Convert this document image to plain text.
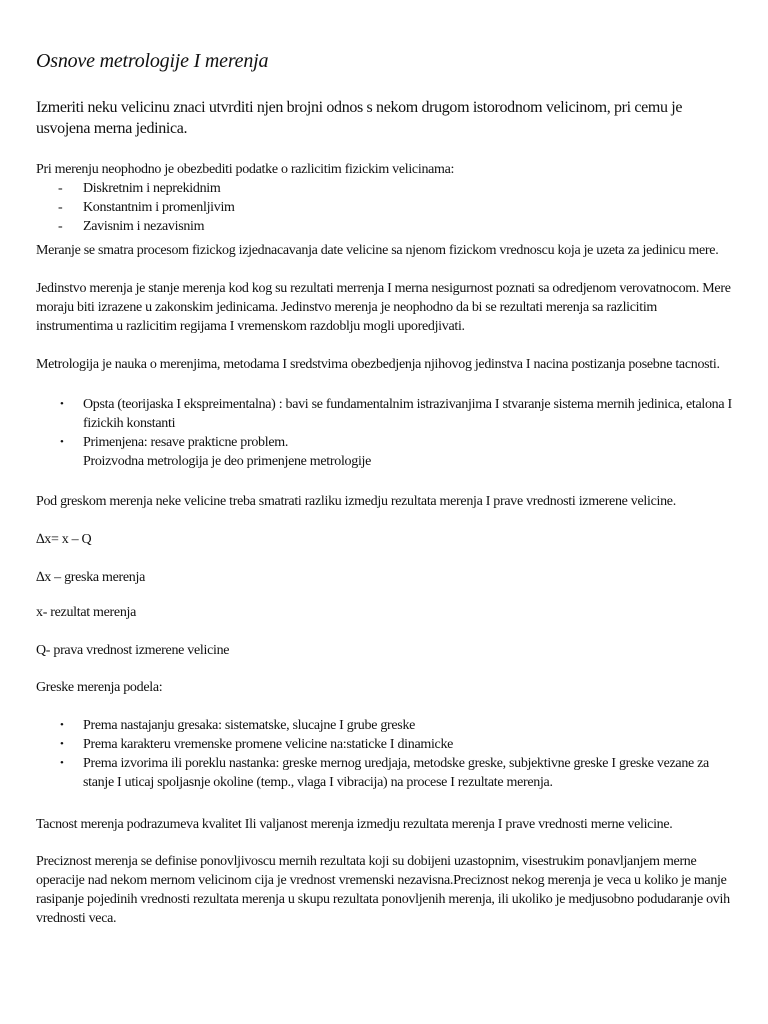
Osnove metrologije I merenja

Izmeriti neku velicinu znaci utvrditi njen brojni odnos s nekom drugom istorodnom velicinom, pri cemu je usvojena merna jedinica.

Pri merenju neophodno je obezbediti podatke o razlicitim fizickim velicinama:

- Diskretnim i neprekidnim
- Konstantnim i promenljivim
- Zavisnim i nezavisnim

Meranje se smatra procesom fizickog izjednacavanja date velicine sa njenom fizickom vrednoscu koja je uzeta za jedinicu mere.

Jedinstvo merenja je stanje merenja kod kog su rezultati merrenja I merna nesigurnost poznati sa odredjenom verovatnocom. Mere moraju biti izrazene u zakonskim jedinicama. Jedinstvo merenja je neophodno da bi se rezultati merenja sa razlicitim instrumentima u razlicitim regijama I vremenskom razdoblju mogli uporedjivati.

Metrologija je nauka o merenjima, metodama I sredstvima obezbedjenja njihovog jedinstva I nacina postizanja posebne tacnosti.

• Opsta (teorijaska I ekspreimentalna) : bavi se fundamentalnim istrazivanjima I stvaranje sistema mernih jedinica, etalona I fizickih konstanti
• Primenjena: resave prakticne problem.
Proizvodna metrologija je deo primenjene metrologije

Pod greskom merenja neke velicine treba smatrati razliku izmedju rezultata merenja I prave vrednosti izmerene velicine.

∆x= x – Q

∆x – greska merenja

x- rezultat merenja

Q- prava vrednost izmerene velicine

Greske merenja podela:

• Prema nastajanju gresaka: sistematske, slucajne I grube greske
• Prema karakteru vremenske promene velicine na:staticke I dinamicke
• Prema izvorima ili poreklu nastanka: greske mernog uredjaja, metodske greske, subjektivne greske I greske vezane za stanje I uticaj spoljasnje okoline (temp., vlaga I vibracija) na procese I rezultate merenja.

Tacnost merenja podrazumeva kvalitet Ili valjanost merenja izmedju rezultata merenja I prave vrednosti merne velicine.

Preciznost merenja se definise ponovljivoscu mernih rezultata koji su dobijeni uzastopnim, visestrukim ponavljanjem merne operacije nad nekom mernom velicinom cija je vrednost vremenski nezavisna.Preciznost nekog merenja je veca u koliko je manje rasipanje pojedinih vrednosti rezultata merenja u skupu rezultata ponovljenih merenja, ili ukoliko je medjusobno podudaranje ovih vrednosti veca.
